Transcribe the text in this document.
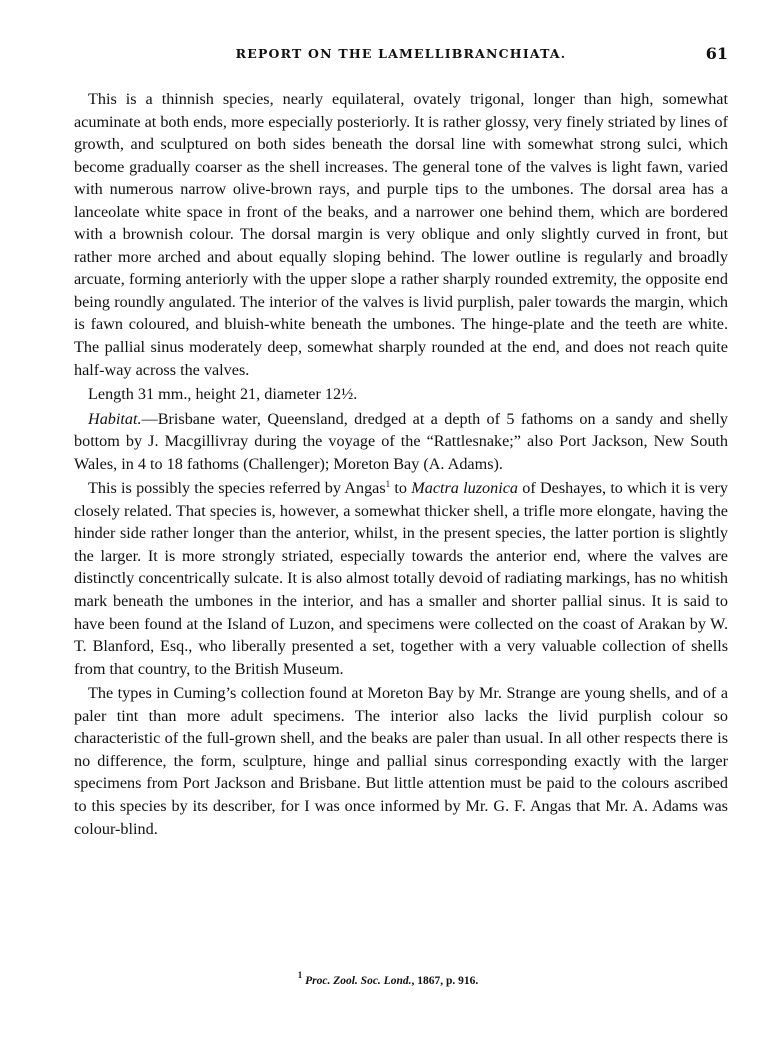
REPORT ON THE LAMELLIBRANCHIATA.	61

This is a thinnish species, nearly equilateral, ovately trigonal, longer than high, somewhat acuminate at both ends, more especially posteriorly. It is rather glossy, very finely striated by lines of growth, and sculptured on both sides beneath the dorsal line with somewhat strong sulci, which become gradually coarser as the shell increases. The general tone of the valves is light fawn, varied with numerous narrow olive-brown rays, and purple tips to the umbones. The dorsal area has a lanceolate white space in front of the beaks, and a narrower one behind them, which are bordered with a brownish colour. The dorsal margin is very oblique and only slightly curved in front, but rather more arched and about equally sloping behind. The lower outline is regularly and broadly arcuate, forming anteriorly with the upper slope a rather sharply rounded extremity, the opposite end being roundly angulated. The interior of the valves is livid purplish, paler towards the margin, which is fawn coloured, and bluish-white beneath the umbones. The hinge-plate and the teeth are white. The pallial sinus moderately deep, somewhat sharply rounded at the end, and does not reach quite half-way across the valves.

Length 31 mm., height 21, diameter 12½.

Habitat.—Brisbane water, Queensland, dredged at a depth of 5 fathoms on a sandy and shelly bottom by J. Macgillivray during the voyage of the “Rattlesnake;” also Port Jackson, New South Wales, in 4 to 18 fathoms (Challenger); Moreton Bay (A. Adams).

This is possibly the species referred by Angas$^1$ to Mactra luzonica of Deshayes, to which it is very closely related. That species is, however, a somewhat thicker shell, a trifle more elongate, having the hinder side rather longer than the anterior, whilst, in the present species, the latter portion is slightly the larger. It is more strongly striated, especially towards the anterior end, where the valves are distinctly concentrically sulcate. It is also almost totally devoid of radiating markings, has no whitish mark beneath the umbones in the interior, and has a smaller and shorter pallial sinus. It is said to have been found at the Island of Luzon, and specimens were collected on the coast of Arakan by W. T. Blanford, Esq., who liberally presented a set, together with a very valuable collection of shells from that country, to the British Museum.

The types in Cuming’s collection found at Moreton Bay by Mr. Strange are young shells, and of a paler tint than more adult specimens. The interior also lacks the livid purplish colour so characteristic of the full-grown shell, and the beaks are paler than usual. In all other respects there is no difference, the form, sculpture, hinge and pallial sinus corresponding exactly with the larger specimens from Port Jackson and Brisbane. But little attention must be paid to the colours ascribed to this species by its describer, for I was once informed by Mr. G. F. Angas that Mr. A. Adams was colour-blind.

$^1$ Proc. Zool. Soc. Lond., 1867, p. 916.
